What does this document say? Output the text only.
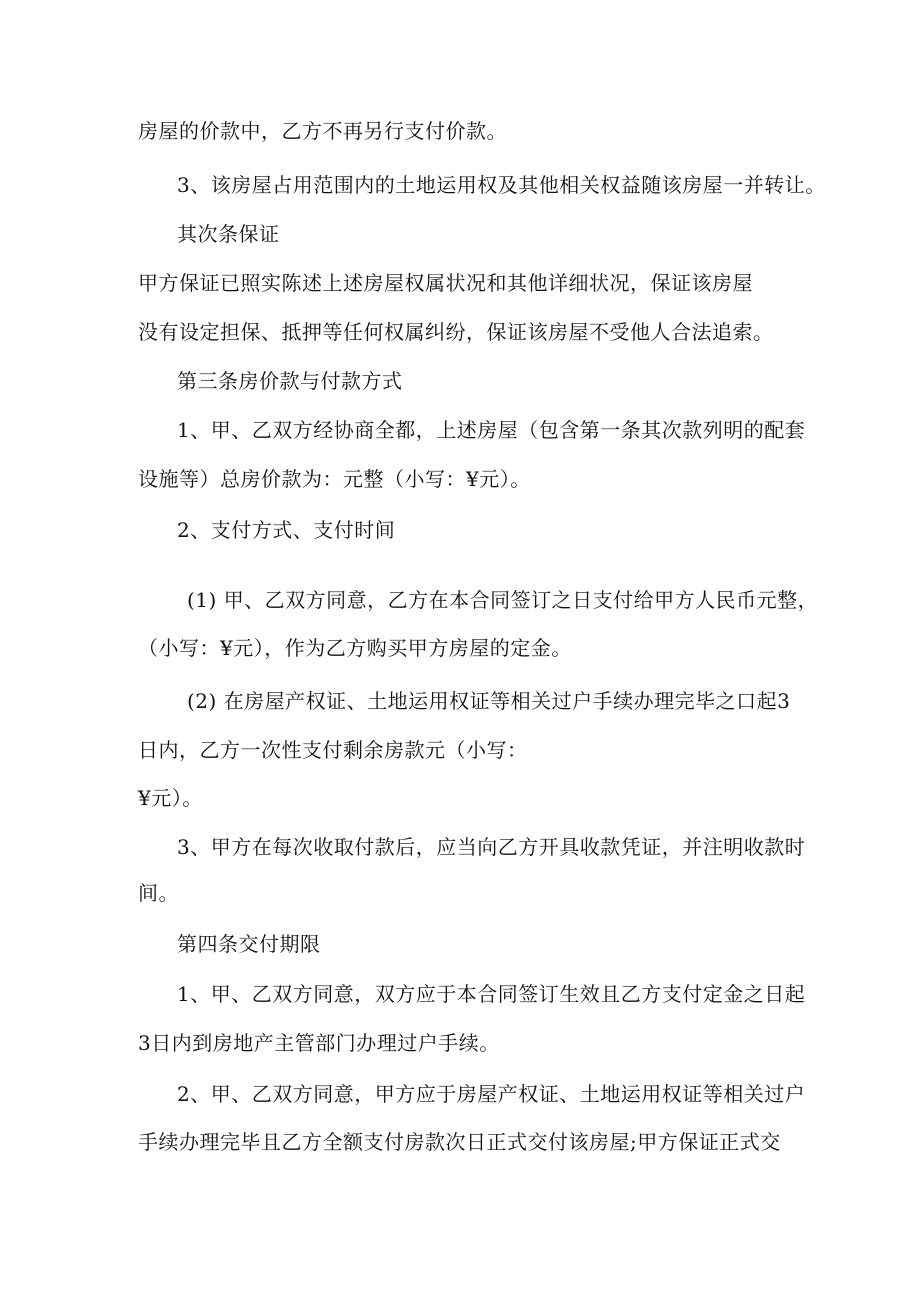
房屋的价款中，乙方不再另行支付价款。
3、该房屋占用范围内的土地运用权及其他相关权益随该房屋一并转让。
其次条保证
甲方保证已照实陈述上述房屋权属状况和其他详细状况，保证该房屋
没有设定担保、抵押等任何权属纠纷，保证该房屋不受他人合法追索。
第三条房价款与付款方式
1、甲、乙双方经协商全都，上述房屋（包含第一条其次款列明的配套
设施等）总房价款为：元整（小写：¥元）。
2、支付方式、支付时间
(1) 甲、乙双方同意，乙方在本合同签订之日支付给甲方人民币元整，
（小写：¥元），作为乙方购买甲方房屋的定金。
(2) 在房屋产权证、土地运用权证等相关过户手续办理完毕之口起3
日内，乙方一次性支付剩余房款元（小写：
¥元）。
3、甲方在每次收取付款后，应当向乙方开具收款凭证，并注明收款时
间。
第四条交付期限
1、甲、乙双方同意，双方应于本合同签订生效且乙方支付定金之日起
3日内到房地产主管部门办理过户手续。
2、甲、乙双方同意，甲方应于房屋产权证、土地运用权证等相关过户
手续办理完毕且乙方全额支付房款次日正式交付该房屋;甲方保证正式交
